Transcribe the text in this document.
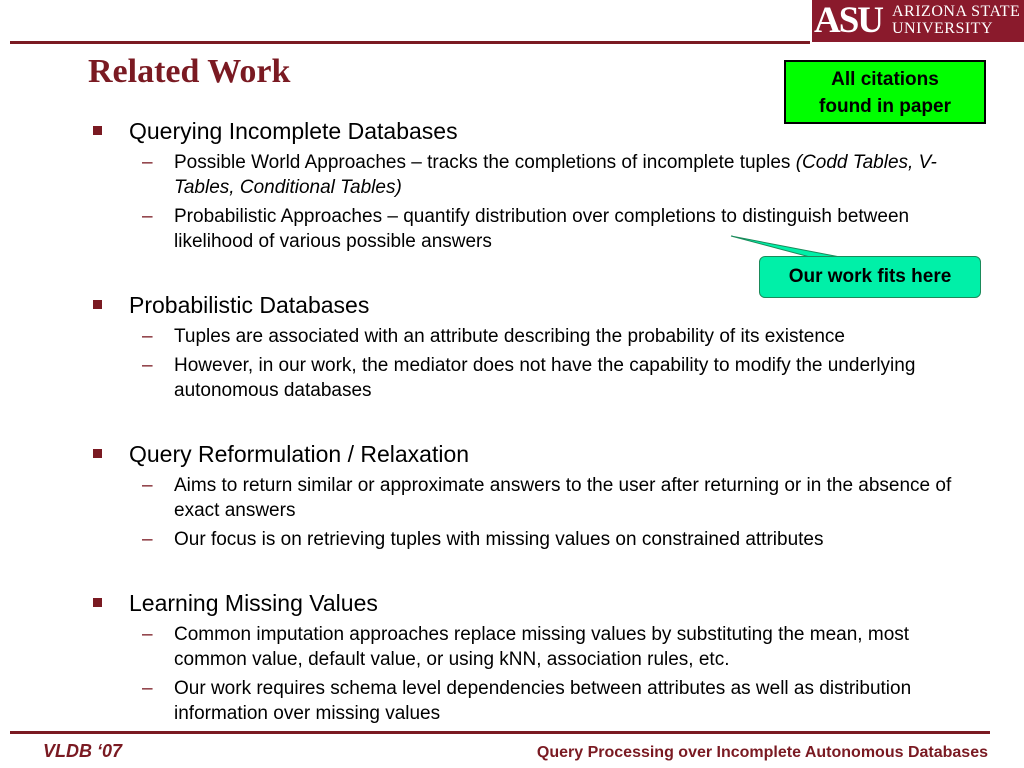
ASU ARIZONA STATE
UNIVERSITY
Related Work	All citations
found in paper
Our work fits here
Querying Incomplete Databases
– Possible World Approaches – tracks the completions of incomplete tuples (Codd Tables, V-Tables, Conditional Tables)
– Probabilistic Approaches – quantify distribution over completions to distinguish between likelihood of various possible answers
Probabilistic Databases
– Tuples are associated with an attribute describing the probability of its existence
– However, in our work, the mediator does not have the capability to modify the underlying autonomous databases
Query Reformulation / Relaxation
– Aims to return similar or approximate answers to the user after returning or in the absence of exact answers
– Our focus is on retrieving tuples with missing values on constrained attributes
Learning Missing Values
– Common imputation approaches replace missing values by substituting the mean, most common value, default value, or using kNN, association rules, etc.
– Our work requires schema level dependencies between attributes as well as distribution information over missing values
VLDB ‘07	Query Processing over Incomplete Autonomous Databases
